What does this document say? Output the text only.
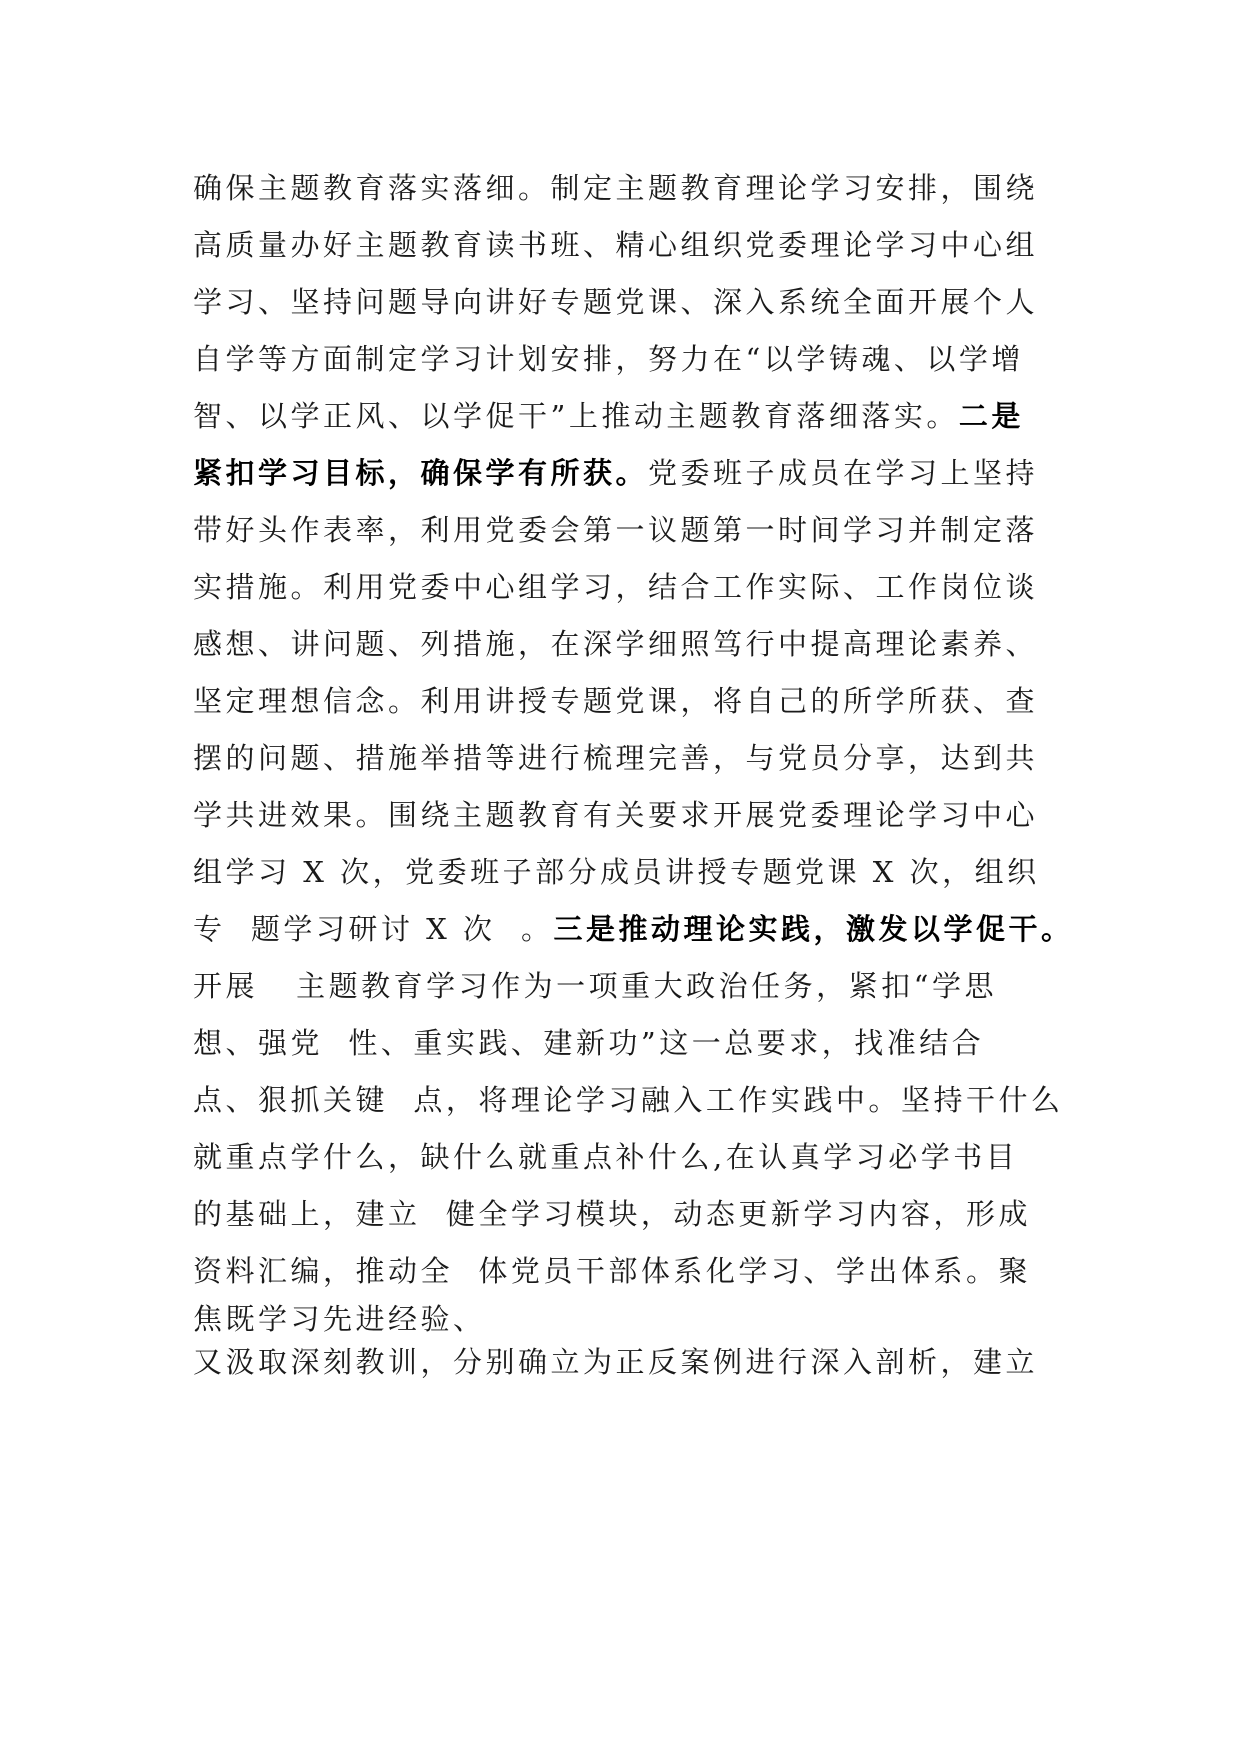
确保主题教育落实落细。制定主题教育理论学习安排，围绕
高质量办好主题教育读书班、精心组织党委理论学习中心组
学习、坚持问题导向讲好专题党课、深入系统全面开展个人
自学等方面制定学习计划安排，努力在“以学铸魂、以学增
智、以学正风、以学促干”上推动主题教育落细落实。二是
紧扣学习目标，确保学有所获。党委班子成员在学习上坚持
带好头作表率，利用党委会第一议题第一时间学习并制定落
实措施。利用党委中心组学习，结合工作实际、工作岗位谈
感想、讲问题、列措施，在深学细照笃行中提高理论素养、
坚定理想信念。利用讲授专题党课，将自己的所学所获、查
摆的问题、措施举措等进行梳理完善，与党员分享，达到共
学共进效果。围绕主题教育有关要求开展党委理论学习中心
组学习 X 次，党委班子部分成员讲授专题党课 X 次，组织
专  题学习研讨 X 次  。三是推动理论实践，激发以学促干。
开展   主题教育学习作为一项重大政治任务，紧扣“学思
想、强党  性、重实践、建新功”这一总要求，找准结合
点、狠抓关键  点，将理论学习融入工作实践中。坚持干什么
就重点学什么，缺什么就重点补什么,在认真学习必学书目
的基础上，建立  健全学习模块，动态更新学习内容，形成
资料汇编，推动全  体党员干部体系化学习、学出体系。聚
焦既学习先进经验、
又汲取深刻教训，分别确立为正反案例进行深入剖析，建立
